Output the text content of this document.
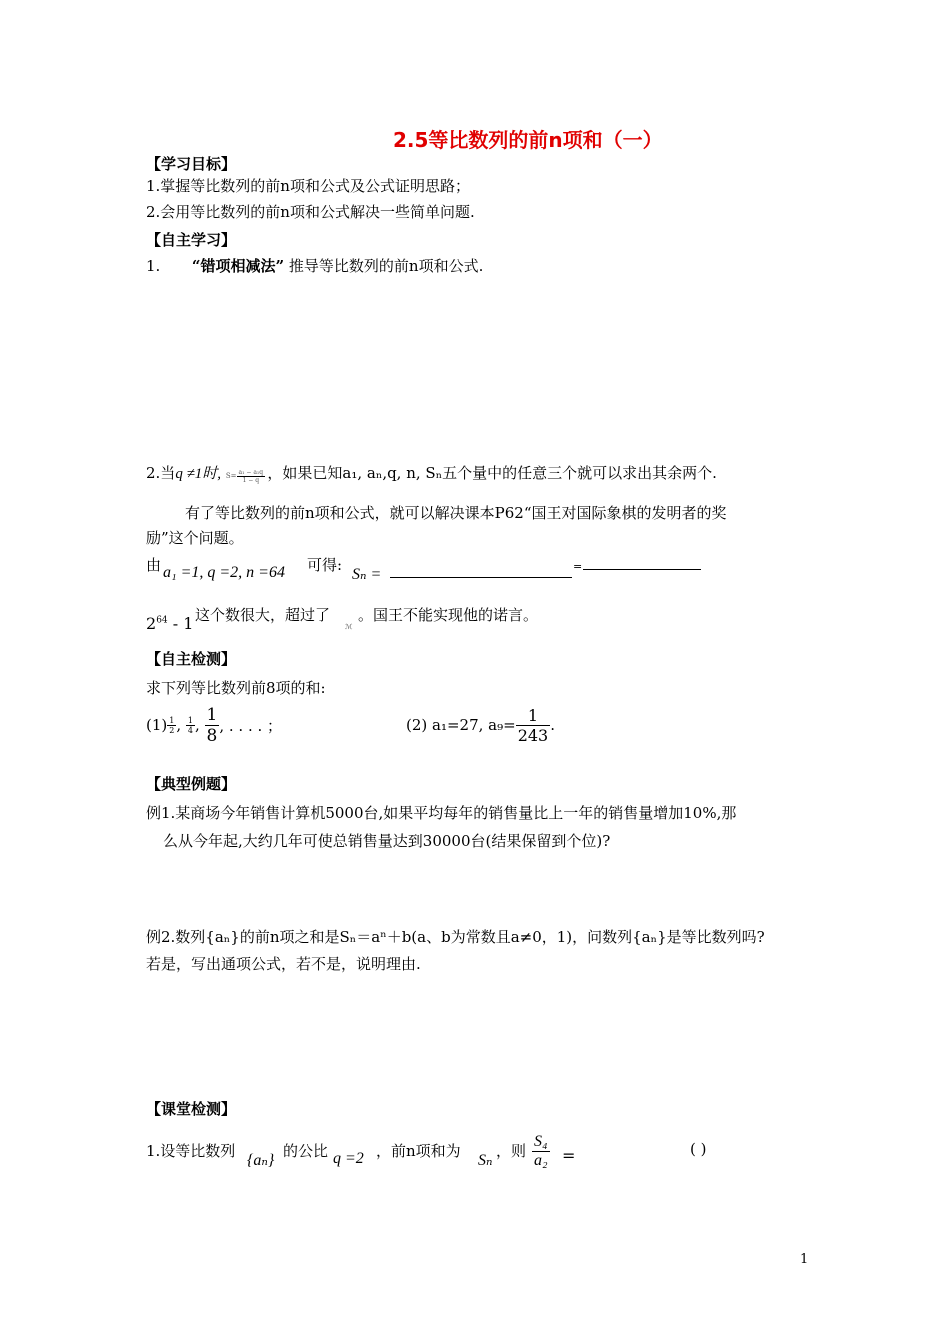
2.5等比数列的前n项和（一）
【学习目标】
1.掌握等比数列的前n项和公式及公式证明思路；
2.会用等比数列的前n项和公式解决一些简单问题.
【自主学习】
1. “错项相减法” 推导等比数列的前n项和公式.
2.当q ≠1时, $S= \frac{\text{a₁ − a₁q}}{1 - q}$ ，如果已知a₁, aₙ,q, n, Sₙ五个量中的任意三个就可以求出其余两个.
有了等比数列的前n项和公式，就可以解决课本P62“国王对国际象棋的发明者的奖
励”这个问题。
由 a₁ =1, q =2, n =64 可得:
Sₙ =	=
$2^{64} - 1$ 这个数很大，超过了
ℳ
。国王不能实现他的诺言。
【自主检测】
求下列等比数列前8项的和:
$(1) \frac{1}{2}$ , $\frac{1}{4}$ , $\frac{1}{8}$ , . . . . ；	(2) a₁=27, $a_9= \frac{1}{243}$ .
【典型例题】
例1.某商场今年销售计算机5000台,如果平均每年的销售量比上一年的销售量增加10%,那
么从今年起,大约几年可使总销售量达到30000台(结果保留到个位)?
例2.数列{aₙ}的前n项之和是Sₙ＝aⁿ＋b(a、b为常数且a≠0，1)，问数列{aₙ}是等比数列吗?
若是，写出通项公式，若不是，说明理由.
【课堂检测】
1.设等比数列
{aₙ}
的公比 q =2 ，前n项和为
Sₙ
，则 $\frac{\text{S₄}}{\text{a₂}}$ =	( )
1
